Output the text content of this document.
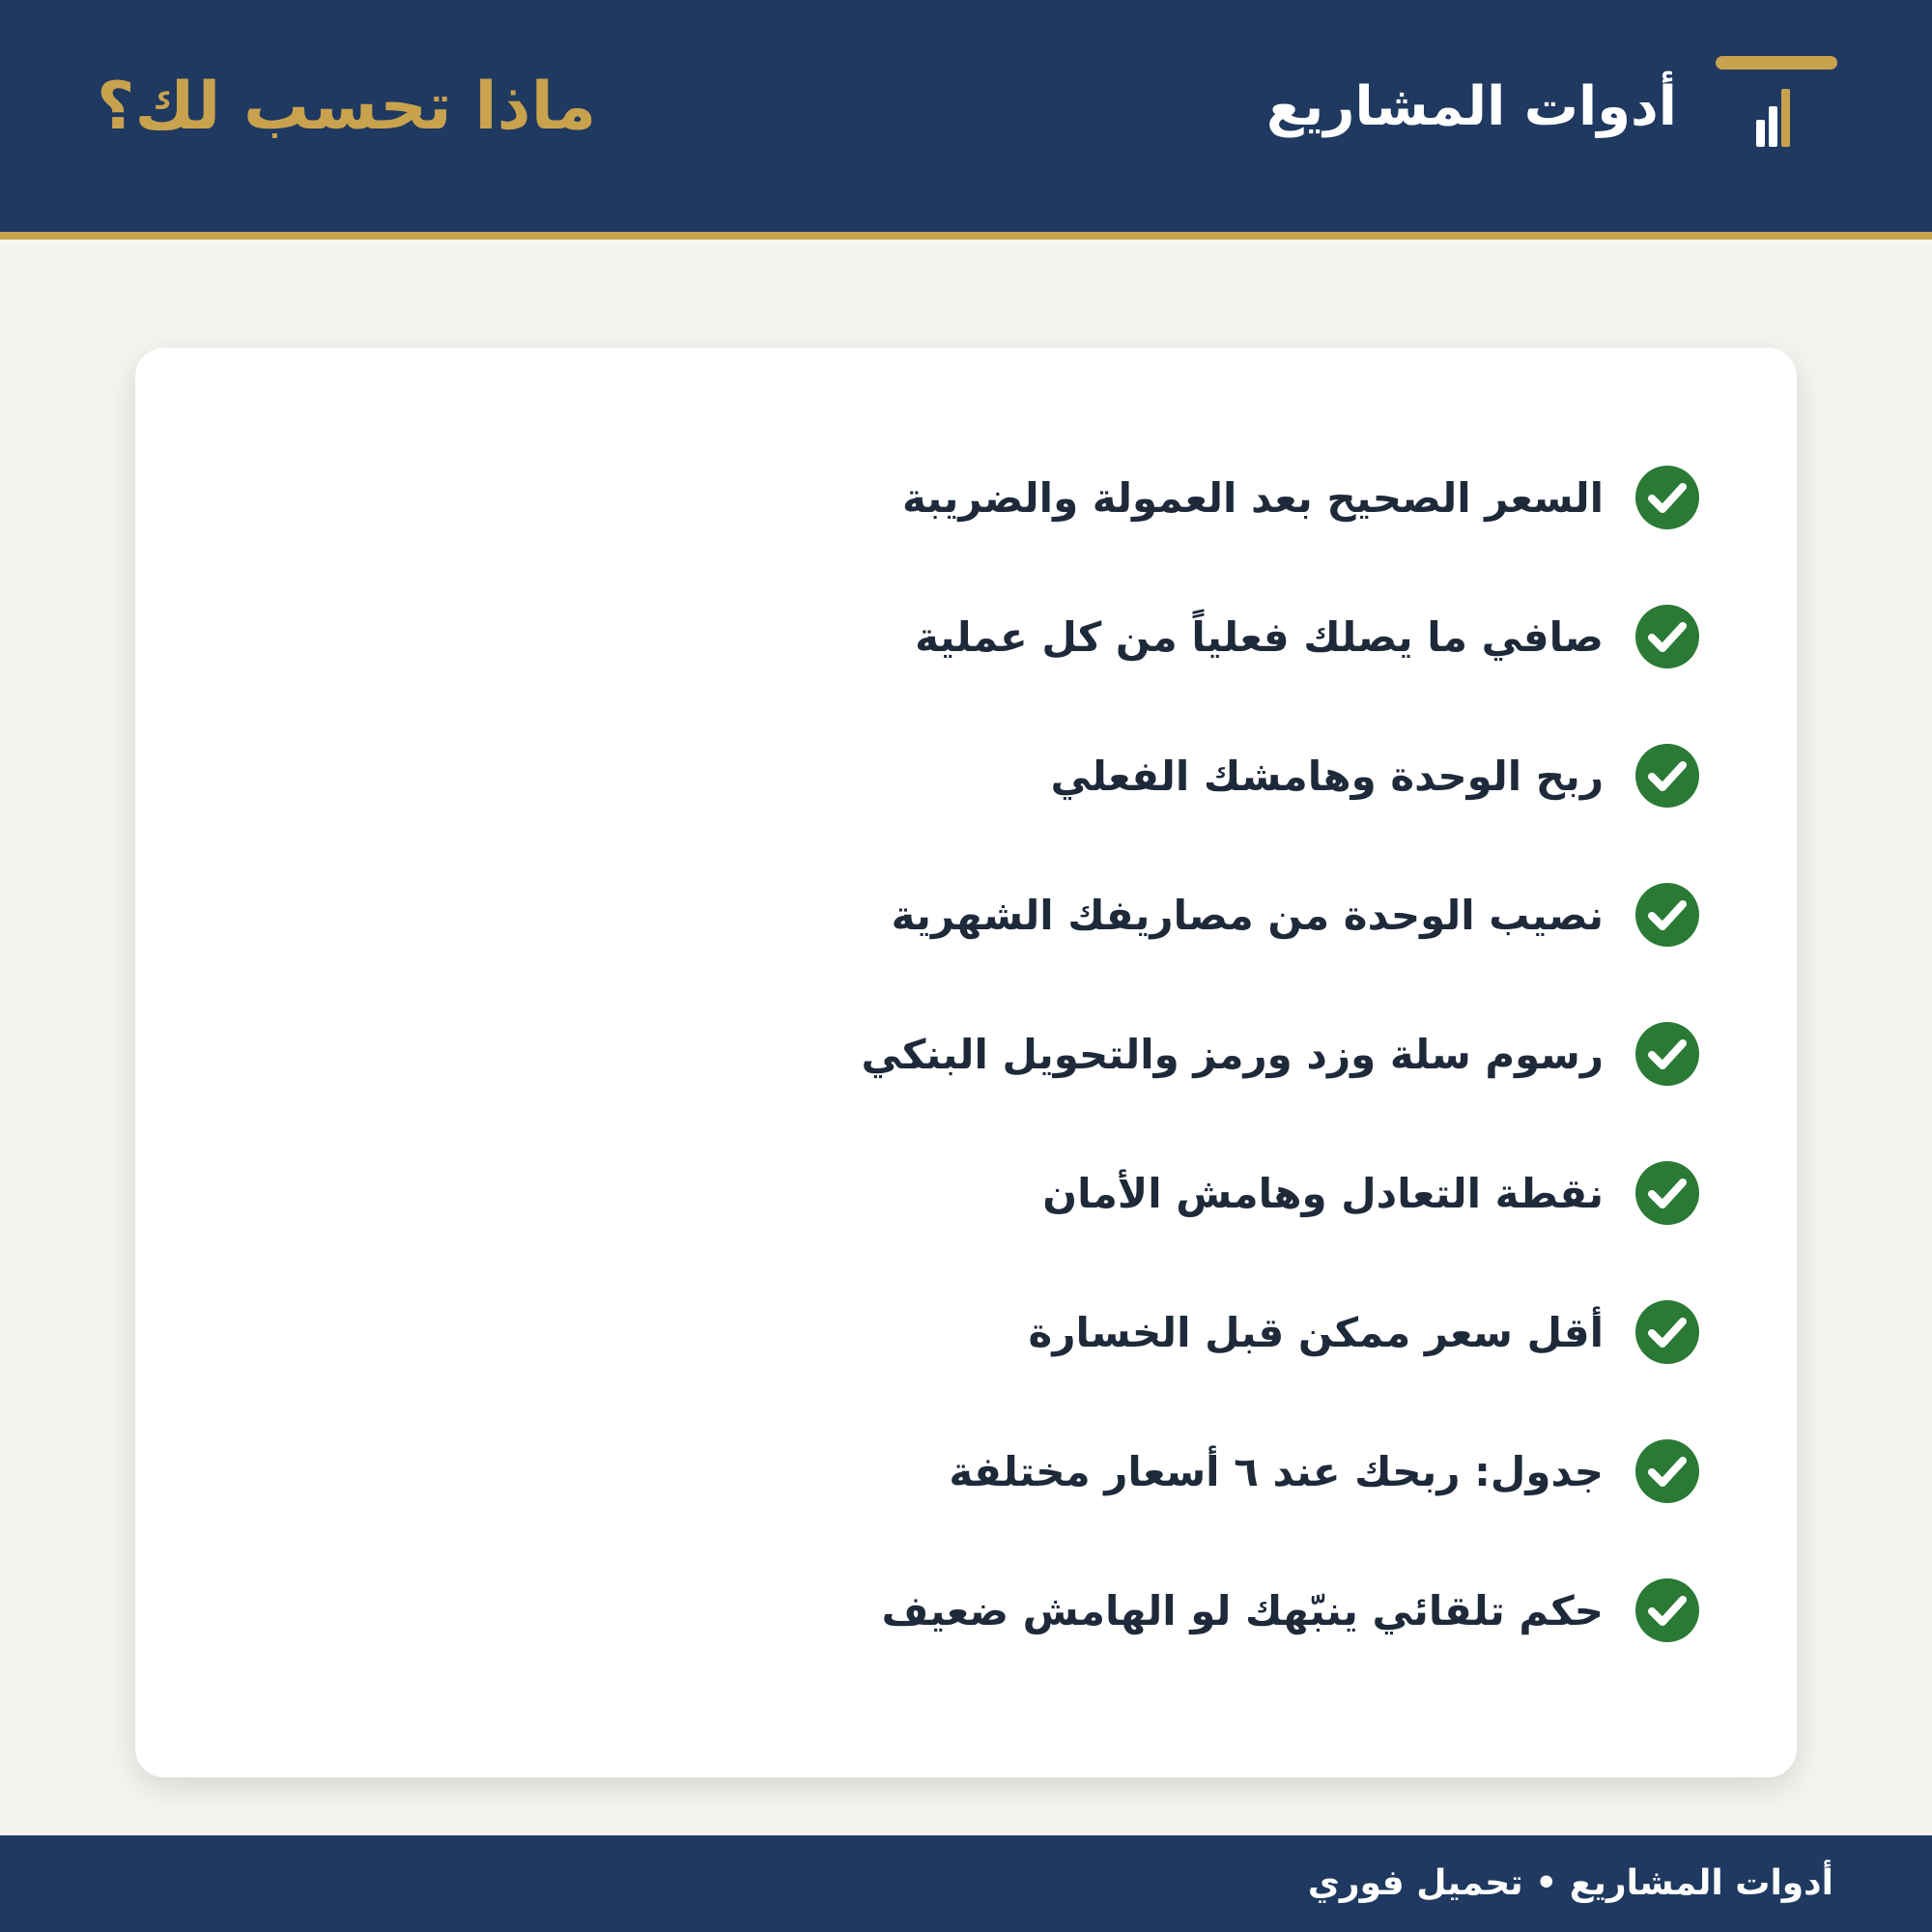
أدوات المشاريع
ماذا تحسب لك؟
السعر الصحيح بعد العمولة والضريبة
صافي ما يصلك فعلياً من كل عملية
ربح الوحدة وهامشك الفعلي
نصيب الوحدة من مصاريفك الشهرية
رسوم سلة وزد ورمز والتحويل البنكي
نقطة التعادل وهامش الأمان
أقل سعر ممكن قبل الخسارة
جدول: ربحك عند ٦ أسعار مختلفة
حكم تلقائي ينبّهك لو الهامش ضعيف

أدوات المشاريع • تحميل فوري
